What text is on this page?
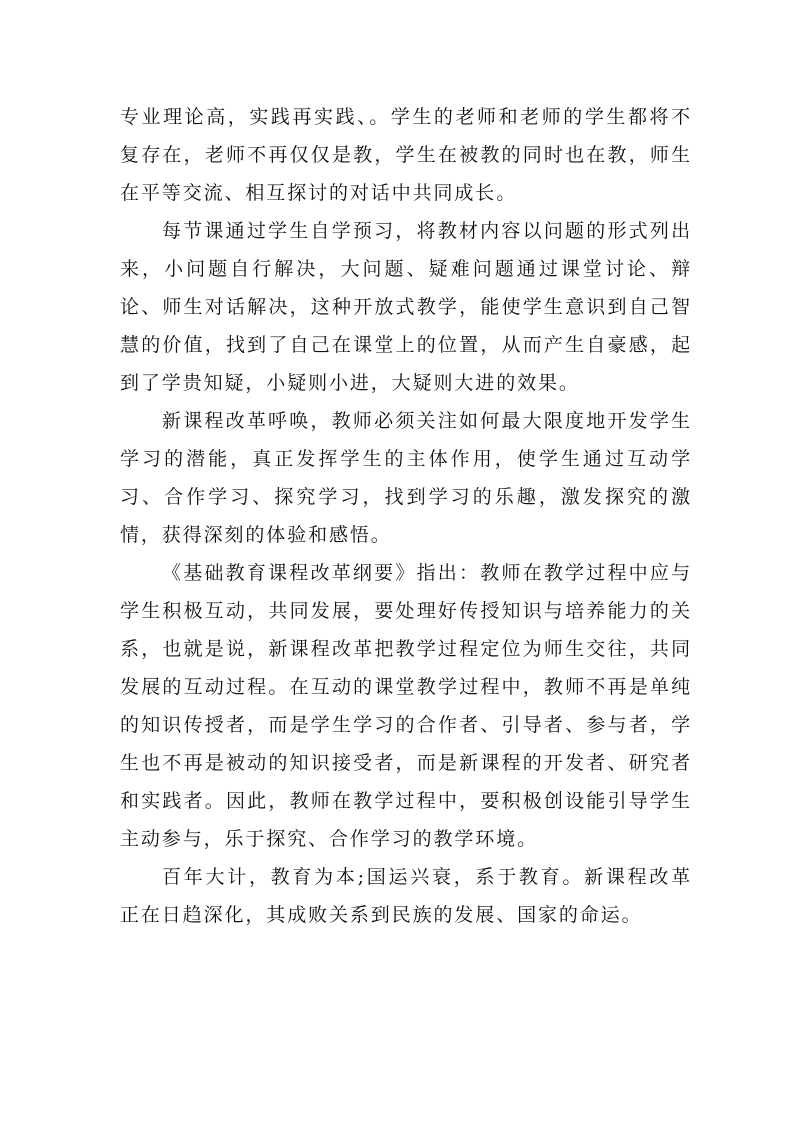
专业理论高，实践再实践、。学生的老师和老师的学生都将不复存在，老师不再仅仅是教，学生在被教的同时也在教，师生在平等交流、相互探讨的对话中共同成长。

每节课通过学生自学预习，将教材内容以问题的形式列出来，小问题自行解决，大问题、疑难问题通过课堂讨论、辩论、师生对话解决，这种开放式教学，能使学生意识到自己智慧的价值，找到了自己在课堂上的位置，从而产生自豪感，起到了学贵知疑，小疑则小进，大疑则大进的效果。

新课程改革呼唤，教师必须关注如何最大限度地开发学生学习的潜能，真正发挥学生的主体作用，使学生通过互动学习、合作学习、探究学习，找到学习的乐趣，激发探究的激情，获得深刻的体验和感悟。

《基础教育课程改革纲要》指出：教师在教学过程中应与学生积极互动，共同发展，要处理好传授知识与培养能力的关系，也就是说，新课程改革把教学过程定位为师生交往，共同发展的互动过程。在互动的课堂教学过程中，教师不再是单纯的知识传授者，而是学生学习的合作者、引导者、参与者，学生也不再是被动的知识接受者，而是新课程的开发者、研究者和实践者。因此，教师在教学过程中，要积极创设能引导学生主动参与，乐于探究、合作学习的教学环境。

百年大计，教育为本;国运兴衰，系于教育。新课程改革正在日趋深化，其成败关系到民族的发展、国家的命运。
